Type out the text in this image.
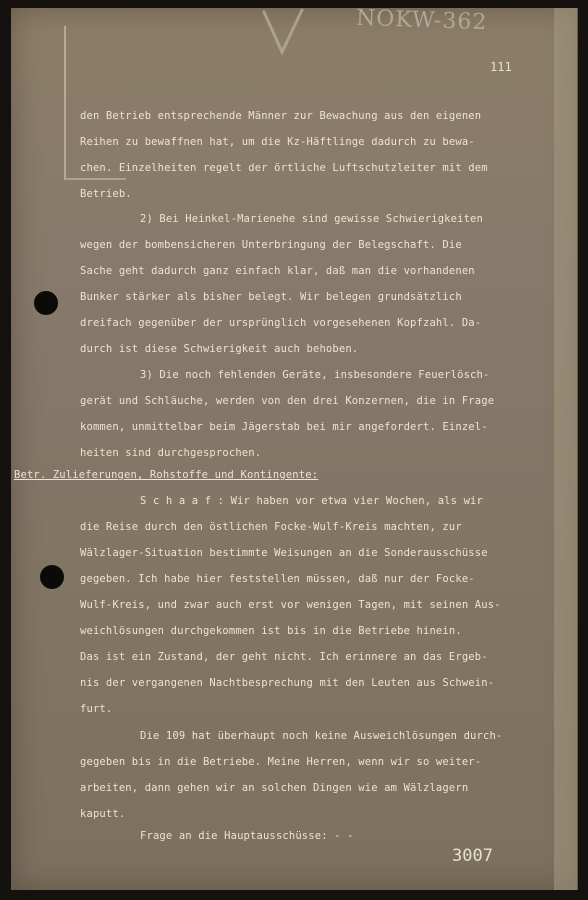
NOKW-362
111
den Betrieb entsprechende Männer zur Bewachung aus den eigenen
Reihen zu bewaffnen hat, um die Kz-Häftlinge dadurch zu bewa-
chen. Einzelheiten regelt der örtliche Luftschutzleiter mit dem
Betrieb.
2) Bei Heinkel-Marienehe sind gewisse Schwierigkeiten
wegen der bombensicheren Unterbringung der Belegschaft. Die
Sache geht dadurch ganz einfach klar, daß man die vorhandenen
Bunker stärker als bisher belegt. Wir belegen grundsätzlich
dreifach gegenüber der ursprünglich vorgesehenen Kopfzahl. Da-
durch ist diese Schwierigkeit auch behoben.
3) Die noch fehlenden Geräte, insbesondere Feuerlösch-
gerät und Schläuche, werden von den drei Konzernen, die in Frage
kommen, unmittelbar beim Jägerstab bei mir angefordert. Einzel-
heiten sind durchgesprochen.
Betr. Zulieferungen, Rohstoffe und Kontingente:
S c h a a f : Wir haben vor etwa vier Wochen, als wir
die Reise durch den östlichen Focke-Wulf-Kreis machten, zur
Wälzlager-Situation bestimmte Weisungen an die Sonderausschüsse
gegeben. Ich habe hier feststellen müssen, daß nur der Focke-
Wulf-Kreis, und zwar auch erst vor wenigen Tagen, mit seinen Aus-
weichlösungen durchgekommen ist bis in die Betriebe hinein.
Das ist ein Zustand, der geht nicht. Ich erinnere an das Ergeb-
nis der vergangenen Nachtbesprechung mit den Leuten aus Schwein-
furt.
Die 109 hat überhaupt noch keine Ausweichlösungen durch-
gegeben bis in die Betriebe. Meine Herren, wenn wir so weiter-
arbeiten, dann gehen wir an solchen Dingen wie am Wälzlagern
kaputt.
Frage an die Hauptausschüsse: - -
3007
